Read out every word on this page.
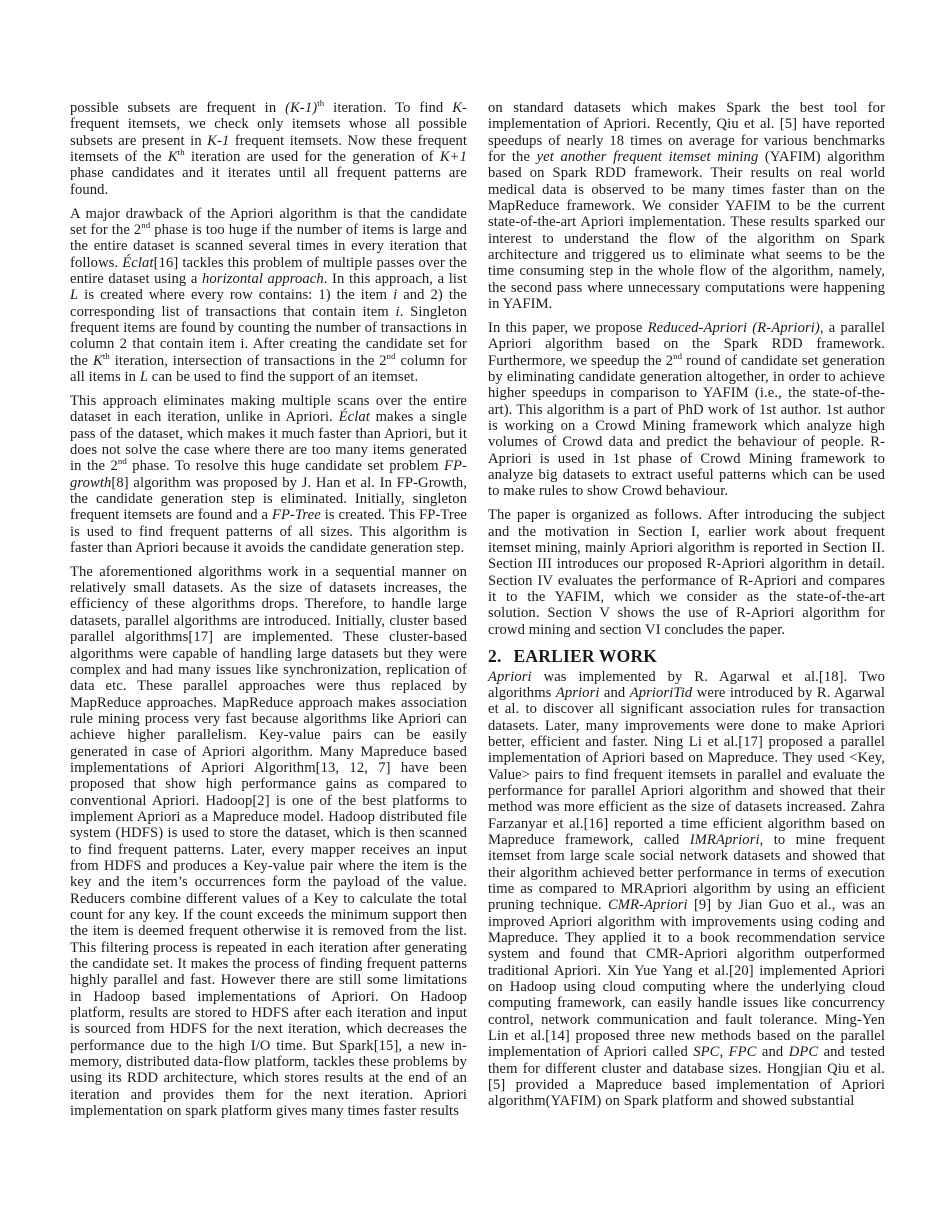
possible subsets are frequent in $(K-1)^{th}$ iteration. To find K-frequent itemsets, we check only itemsets whose all possible subsets are present in K-1 frequent itemsets. Now these frequent itemsets of the $K^{th}$ iteration are used for the generation of K+1 phase candidates and it iterates until all frequent patterns are found.

A major drawback of the Apriori algorithm is that the candidate set for the 2nd phase is too huge if the number of items is large and the entire dataset is scanned several times in every iteration that follows. Éclat[16] tackles this problem of multiple passes over the entire dataset using a horizontal approach. In this approach, a list L is created where every row contains: 1) the item i and 2) the corresponding list of transactions that contain item i. Singleton frequent items are found by counting the number of transactions in column 2 that contain item i. After creating the candidate set for the $K^{th}$ iteration, intersection of transactions in the 2nd column for all items in L can be used to find the support of an itemset.

This approach eliminates making multiple scans over the entire dataset in each iteration, unlike in Apriori. Éclat makes a single pass of the dataset, which makes it much faster than Apriori, but it does not solve the case where there are too many items generated in the 2nd phase. To resolve this huge candidate set problem FP-growth[8] algorithm was proposed by J. Han et al. In FP-Growth, the candidate generation step is eliminated. Initially, singleton frequent itemsets are found and a FP-Tree is created. This FP-Tree is used to find frequent patterns of all sizes. This algorithm is faster than Apriori because it avoids the candidate generation step.

The aforementioned algorithms work in a sequential manner on relatively small datasets. As the size of datasets increases, the efficiency of these algorithms drops. Therefore, to handle large datasets, parallel algorithms are introduced. Initially, cluster based parallel algorithms[17] are implemented. These cluster-based algorithms were capable of handling large datasets but they were complex and had many issues like synchronization, replication of data etc. These parallel approaches were thus replaced by MapReduce approaches. MapReduce approach makes association rule mining process very fast because algorithms like Apriori can achieve higher parallelism. Key-value pairs can be easily generated in case of Apriori algorithm. Many Mapreduce based implementations of Apriori Algorithm[13, 12, 7] have been proposed that show high performance gains as compared to conventional Apriori. Hadoop[2] is one of the best platforms to implement Apriori as a Mapreduce model. Hadoop distributed file system (HDFS) is used to store the dataset, which is then scanned to find frequent patterns. Later, every mapper receives an input from HDFS and produces a Key-value pair where the item is the key and the item’s occurrences form the payload of the value. Reducers combine different values of a Key to calculate the total count for any key. If the count exceeds the minimum support then the item is deemed frequent otherwise it is removed from the list. This filtering process is repeated in each iteration after generating the candidate set. It makes the process of finding frequent patterns highly parallel and fast. However there are still some limitations in Hadoop based implementations of Apriori. On Hadoop platform, results are stored to HDFS after each iteration and input is sourced from HDFS for the next iteration, which decreases the performance due to the high I/O time. But Spark[15], a new in-memory, distributed data-flow platform, tackles these problems by using its RDD architecture, which stores results at the end of an iteration and provides them for the next iteration. Apriori implementation on spark platform gives many times faster results

on standard datasets which makes Spark the best tool for implementation of Apriori. Recently, Qiu et al. [5] have reported speedups of nearly 18 times on average for various benchmarks for the yet another frequent itemset mining (YAFIM) algorithm based on Spark RDD framework. Their results on real world medical data is observed to be many times faster than on the MapReduce framework. We consider YAFIM to be the current state-of-the-art Apriori implementation. These results sparked our interest to understand the flow of the algorithm on Spark architecture and triggered us to eliminate what seems to be the time consuming step in the whole flow of the algorithm, namely, the second pass where unnecessary computations were happening in YAFIM.

In this paper, we propose Reduced-Apriori (R-Apriori), a parallel Apriori algorithm based on the Spark RDD framework. Furthermore, we speedup the 2nd round of candidate set generation by eliminating candidate generation altogether, in order to achieve higher speedups in comparison to YAFIM (i.e., the state-of-the-art). This algorithm is a part of PhD work of 1st author. 1st author is working on a Crowd Mining framework which analyze high volumes of Crowd data and predict the behaviour of people. R-Apriori is used in 1st phase of Crowd Mining framework to analyze big datasets to extract useful patterns which can be used to make rules to show Crowd behaviour.

The paper is organized as follows. After introducing the subject and the motivation in Section I, earlier work about frequent itemset mining, mainly Apriori algorithm is reported in Section II. Section III introduces our proposed R-Apriori algorithm in detail. Section IV evaluates the performance of R-Apriori and compares it to the YAFIM, which we consider as the state-of-the-art solution. Section V shows the use of R-Apriori algorithm for crowd mining and section VI concludes the paper.

2. EARLIER WORK

Apriori was implemented by R. Agarwal et al.[18]. Two algorithms Apriori and AprioriTid were introduced by R. Agarwal et al. to discover all significant association rules for transaction datasets. Later, many improvements were done to make Apriori better, efficient and faster. Ning Li et al.[17] proposed a parallel implementation of Apriori based on Mapreduce. They used <Key, Value> pairs to find frequent itemsets in parallel and evaluate the performance for parallel Apriori algorithm and showed that their method was more efficient as the size of datasets increased. Zahra Farzanyar et al.[16] reported a time efficient algorithm based on Mapreduce framework, called IMRApriori, to mine frequent itemset from large scale social network datasets and showed that their algorithm achieved better performance in terms of execution time as compared to MRApriori algorithm by using an efficient pruning technique. CMR-Apriori [9] by Jian Guo et al., was an improved Apriori algorithm with improvements using coding and Mapreduce. They applied it to a book recommendation service system and found that CMR-Apriori algorithm outperformed traditional Apriori. Xin Yue Yang et al.[20] implemented Apriori on Hadoop using cloud computing where the underlying cloud computing framework, can easily handle issues like concurrency control, network communication and fault tolerance. Ming-Yen Lin et al.[14] proposed three new methods based on the parallel implementation of Apriori called SPC, FPC and DPC and tested them for different cluster and database sizes. Hongjian Qiu et al.[5] provided a Mapreduce based implementation of Apriori algorithm(YAFIM) on Spark platform and showed substantial
